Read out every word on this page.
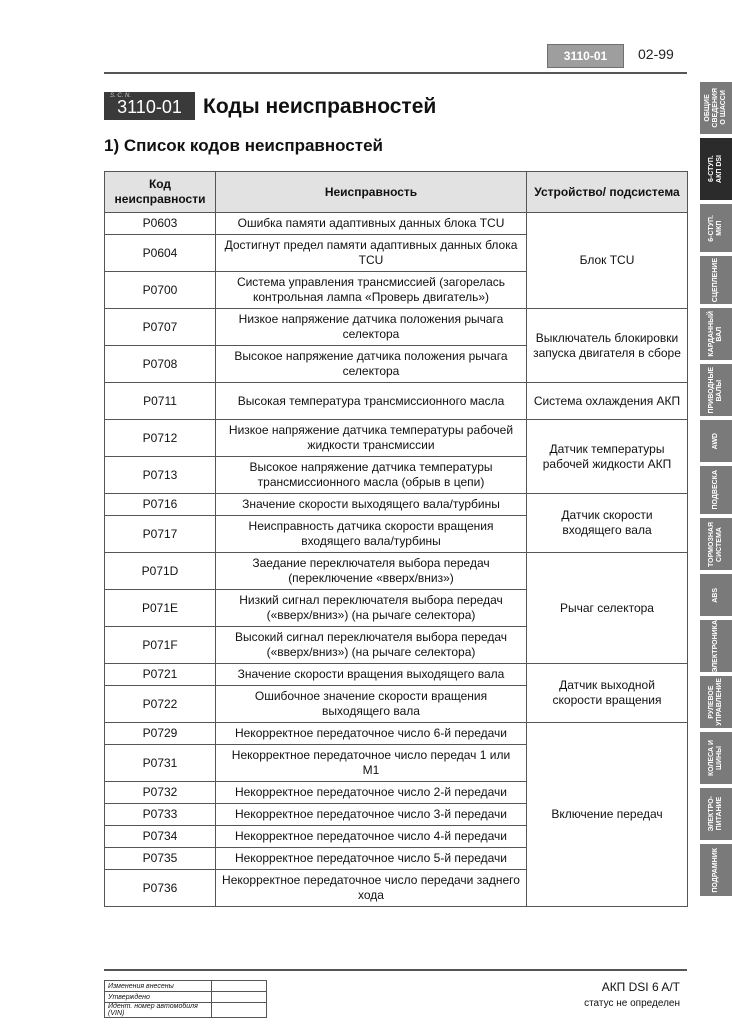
3110-01	02-99
S. C. N.
3110-01	Коды неисправностей
1) Список кодов неисправностей
Код неисправности	Неисправность	Устройство/ подсистема
P0603	Ошибка памяти адаптивных данных блока TCU	Блок TCU
P0604	Достигнут предел памяти адаптивных данных блока TCU	
P0700	Система управления трансмиссией (загорелась контрольная лампа «Проверь двигатель»)	
P0707	Низкое напряжение датчика положения рычага селектора	Выключатель блокировки запуска двигателя в сборе
P0708	Высокое напряжение датчика положения рычага селектора	
P0711	Высокая температура трансмиссионного масла	Система охлаждения АКП
P0712	Низкое напряжение датчика температуры рабочей жидкости трансмиссии	Датчик температуры рабочей жидкости АКП
P0713	Высокое напряжение датчика температуры трансмиссионного масла (обрыв в цепи)	
P0716	Значение скорости выходящего вала/турбины	Датчик скорости входящего вала
P0717	Неисправность датчика скорости вращения входящего вала/турбины	
P071D	Заедание переключателя выбора передач (переключение «вверх/вниз»)	Рычаг селектора
P071E	Низкий сигнал переключателя выбора передач («вверх/вниз») (на рычаге селектора)	
P071F	Высокий сигнал переключателя выбора передач («вверх/вниз») (на рычаге селектора)	
P0721	Значение скорости вращения выходящего вала	Датчик выходной скорости вращения
P0722	Ошибочное значение скорости вращения выходящего вала	
P0729	Некорректное передаточное число 6-й передачи	Включение передач
P0731	Некорректное передаточное число передач 1 или M1	
P0732	Некорректное передаточное число 2-й передачи	
P0733	Некорректное передаточное число 3-й передачи	
P0734	Некорректное передаточное число 4-й передачи	
P0735	Некорректное передаточное число 5-й передачи	
P0736	Некорректное передаточное число передачи заднего хода	
ОБЩИЕ
СВЕДЕНИЯ
О ШАССИ
6-СТУП.
АКП DSI
6-СТУП.
МКП
СЦЕПЛЕНИЕ
КАРДАННЫЙ
ВАЛ
ПРИВОДНЫЕ
ВАЛЫ
AWD
ПОДВЕСКА
ТОРМОЗНАЯ
СИСТЕМА
ABS
ЭЛЕКТРОНИКА
РУЛЕВОЕ
УПРАВЛЕНИЕ
КОЛЕСА И
ШИНЫ
ЭЛЕКТРО-
ПИТАНИЕ
ПОДРАМНИК
Изменения внесены	
Утверждено	
Идент. номер автомобиля (VIN)	
АКП DSI 6 A/T
статус не определен
